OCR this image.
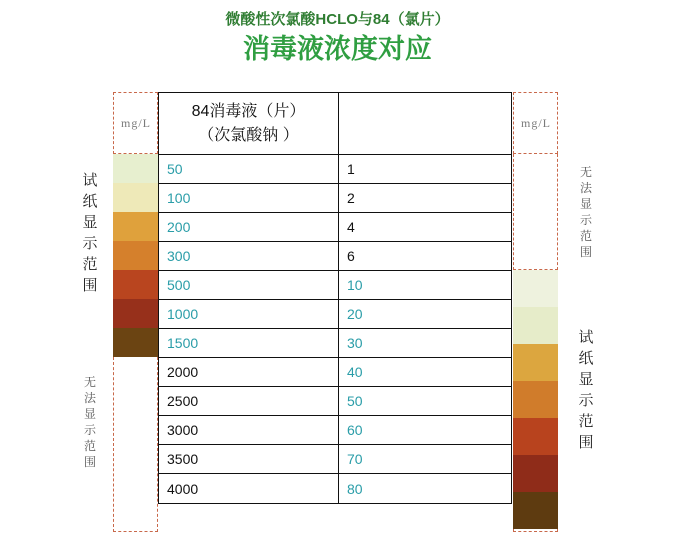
微酸性次氯酸HCLO与84（氯片）
消毒液浓度对应
mg/L	mg/L
试
纸
显
示
范
围
无
法
显
示
范
围
无
法
显
示
范
围
试
纸
显
示
范
围
84消毒液（片）
（次氯酸钠 ）
50	1
100	2
200	4
300	6
500	10
1000	20
1500	30
2000	40
2500	50
3000	60
3500	70
4000	80
